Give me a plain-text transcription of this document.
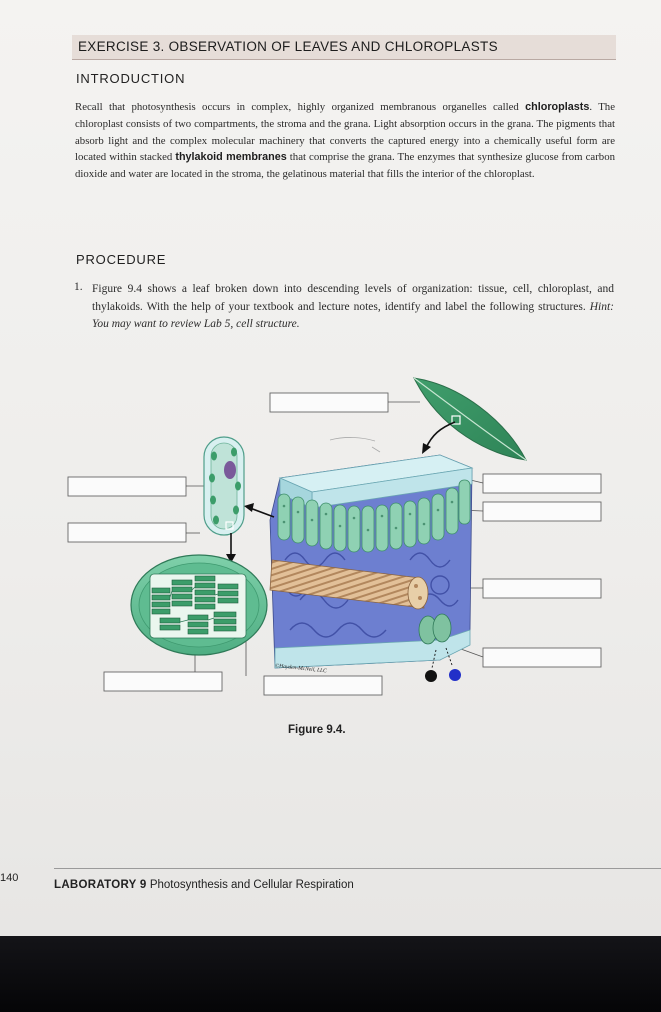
EXERCISE 3. OBSERVATION OF LEAVES AND CHLOROPLASTS
INTRODUCTION
Recall that photosynthesis occurs in complex, highly organized membranous organelles called chloroplasts. The chloroplast consists of two compartments, the stroma and the grana. Light absorption occurs in the grana. The pigments that absorb light and the complex molecular machinery that converts the captured energy into a chemically useful form are located within stacked thylakoid membranes that comprise the grana. The enzymes that synthesize glucose from carbon dioxide and water are located in the stroma, the gelatinous material that fills the interior of the chloroplast.
PROCEDURE
1. Figure 9.4 shows a leaf broken down into descending levels of organization: tissue, cell, chloroplast, and thylakoids. With the help of your textbook and lecture notes, identify and label the following structures. Hint: You may want to review Lab 5, cell structure.
©Hayden-McNeil, LLC
Figure 9.4.
140
LABORATORY 9 Photosynthesis and Cellular Respiration
